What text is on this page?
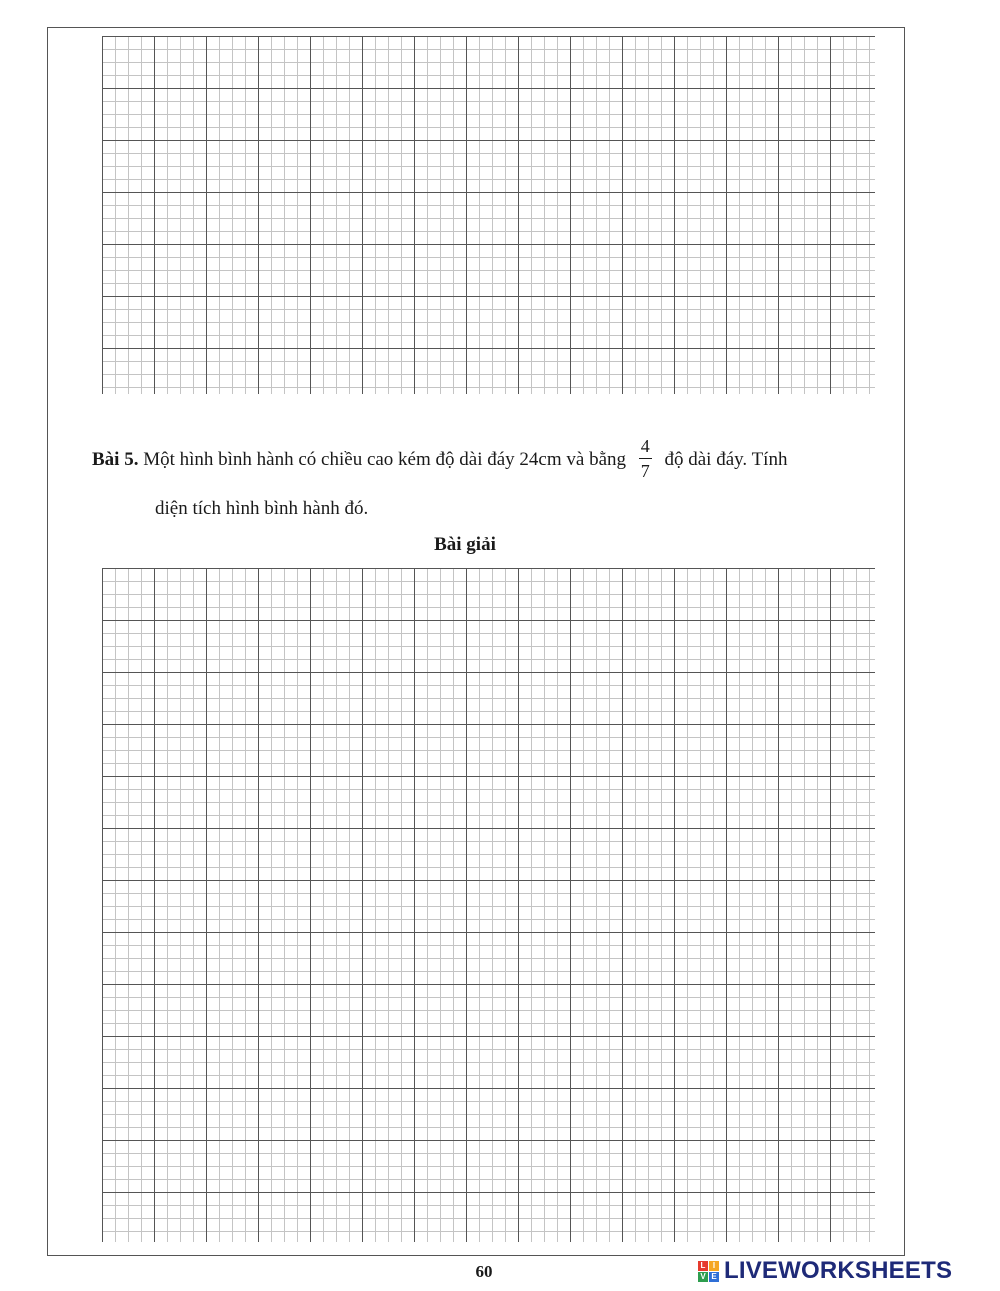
Bài 5. Một hình bình hành có chiều cao kém độ dài đáy 24cm và bằng $\frac{4}{7}$ độ dài đáy. Tính
diện tích hình bình hành đó.
Bài giải
60	L I
V E LIVEWORKSHEETS
